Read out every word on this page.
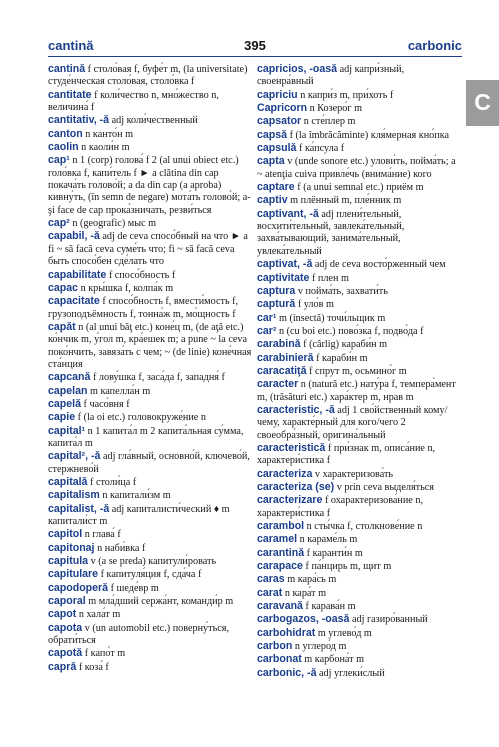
cantină	395	carbonic

cantină f столо́вая f, буфе́т m, (la universitate) студе́нческая столо́вая, столо́вка f

cantitate f коли́чество n, мно́жество n, величина́ f

cantitativ, -ă adj коли́чественный

canton n канто́н m

caolin n каоли́н m

cap¹ n 1 (corp) голова́ f 2 (al unui obiect etc.) голо́вка f, капи́тель f ► a clătina din cap покача́ть голово́й; a da din cap (a aproba) кивну́ть, (în semn de negare) мота́ть голово́й; a-şi face de cap прока́зничать, резви́ться

cap² n (geografic) мыс m

capabil, -ă adj de ceva спосо́бный на что ► a fi ~ să facă ceva суме́ть что; fi ~ să facă ceva быть спосо́бен сде́лать что

capabilitate f спосо́бность f

capac n кры́шка f, колпа́к m

capacitate f спосо́бность f, вмести́мость f, грузоподъёмность f, тонна́ж m, мо́щность f

capăt n (al unui băţ etc.) коне́ц m, (de aţă etc.) ко́нчик m, у́гол m, кра́ешек m; a pune ~ la ceva поко́нчить, завяза́ть с чем; ~ (de linie) коне́чная ста́нция

capcană f лову́шка f, заса́да f, западня́ f

capelan m капелла́н m

capelă f часо́вня f

capie f (la oi etc.) головокруже́ние n

capital¹ n 1 капита́л m 2 капита́льная су́мма, капита́л m

capital², -ă adj гла́вный, основно́й, ключево́й, стержнево́й

capitală f столи́ца f

capitalism n капитали́зм m

capitalist, -ă adj капиталисти́ческий ♦ m капитали́ст m

capitol n глава́ f

capitonaj n наби́вка f

capitula v (a se preda) капитули́ровать

capitulare f капитуля́ция f, сда́ча f

capodoperă f шеде́вр m

caporal m мла́дший сержа́нт, команди́р m

capot n хала́т m

capota v (un automobil etc.) поверну́ться, обрати́ться

capotă f капо́т m

capră f коза́ f

capricios, -oasă adj капри́зный, своенра́вный

capriciu n капри́з m, при́хоть f

Capricorn n Козеро́г m

capsator n сте́плер m

capsă f (la îmbrăcăminte) кля́мерная кно́пка

capsulă f ка́псула f

capta v (unde sonore etc.) улови́ть, пойма́ть; a ~ atenţia cuiva привле́чь (внима́ние) кого

captare f (a unui semnal etc.) приём m

captiv m плённый m, пле́нник m

captivant, -ă adj плени́тельный, восхити́тельный, завлека́тельный, захва́тывающий, занима́тельный, увлека́тельный

captivat, -ă adj de ceva восто́рженный чем

captivitate f плен m

captura v пойма́ть, захвати́ть

captură f уло́в m

car¹ m (insectă) точи́льщик m

car² n (cu boi etc.) пово́зка f, подво́да f

carabină f (cârlig) караби́н m

carabinieră f караби́н m

caracatiţă f спрут m, осьмино́г m

caracter n (natură etc.) нату́ра f, темпера́мент m, (trăsături etc.) хара́ктер m, нрав m

caracteristic, -ă adj 1 сво́йственный кому/чему, характе́рный для кого/чего 2 своеобра́зный, оригина́льный

caracteristică f при́знак m, описа́ние n, характери́стика f

caracteriza v характеризова́ть

caracteriza (se) v prin ceva выделя́ться

caracterizare f охарактеризова́ние n, характери́стика f

carambol n сты́чка f, столкнове́ние n

caramel n караме́ль m

carantină f каранти́н m

carapace f па́нцирь m, щит m

caras m кара́сь m

carat n кара́т m

caravană f карава́н m

carbogazos, -oasă adj газиро́ванный

carbohidrat m углево́д m

carbon n углеро́д m

carbonat m карбона́т m

carbonic, -ă adj углеки́слый

C
